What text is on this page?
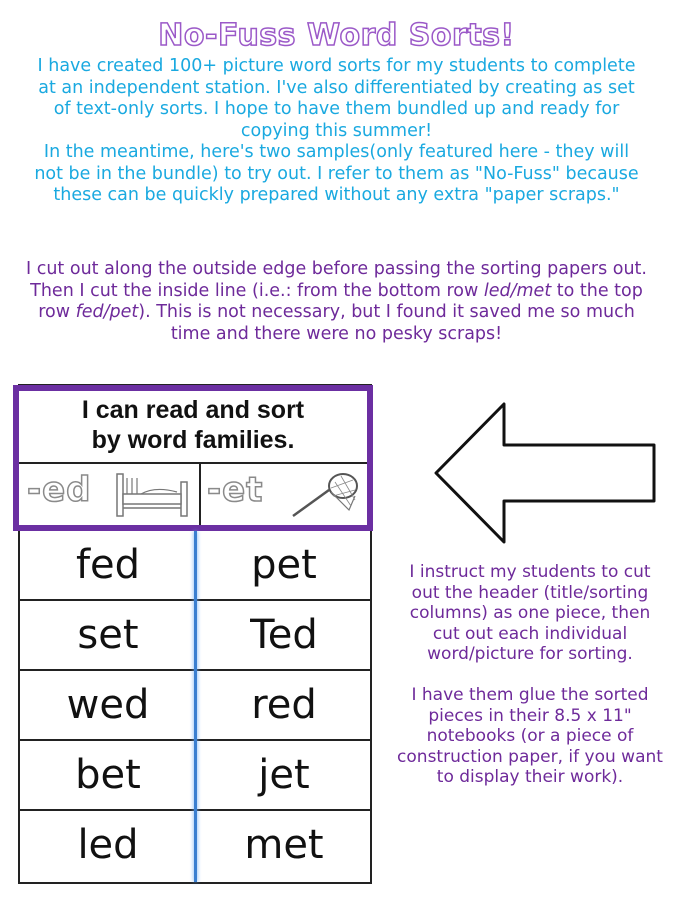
No-Fuss Word Sorts!

I have created 100+ picture word sorts for my students to complete at an independent station. I've also differentiated by creating as set of text-only sorts. I hope to have them bundled up and ready for copying this summer!

In the meantime, here's two samples(only featured here - they will not be in the bundle) to try out. I refer to them as "No-Fuss" because these can be quickly prepared without any extra "paper scraps."

I cut out along the outside edge before passing the sorting papers out. Then I cut the inside line (i.e.: from the bottom row led/met to the top row fed/pet). This is not necessary, but I found it saved me so much time and there were no pesky scraps!
I can read and sort by word families.
-ed	-et
fed	pet
set	Ted
wed	red
bet	jet
led	met

I instruct my students to cut out the header (title/sorting columns) as one piece, then cut out each individual word/picture for sorting.

I have them glue the sorted pieces in their 8.5 x 11" notebooks (or a piece of construction paper, if you want to display their work).
